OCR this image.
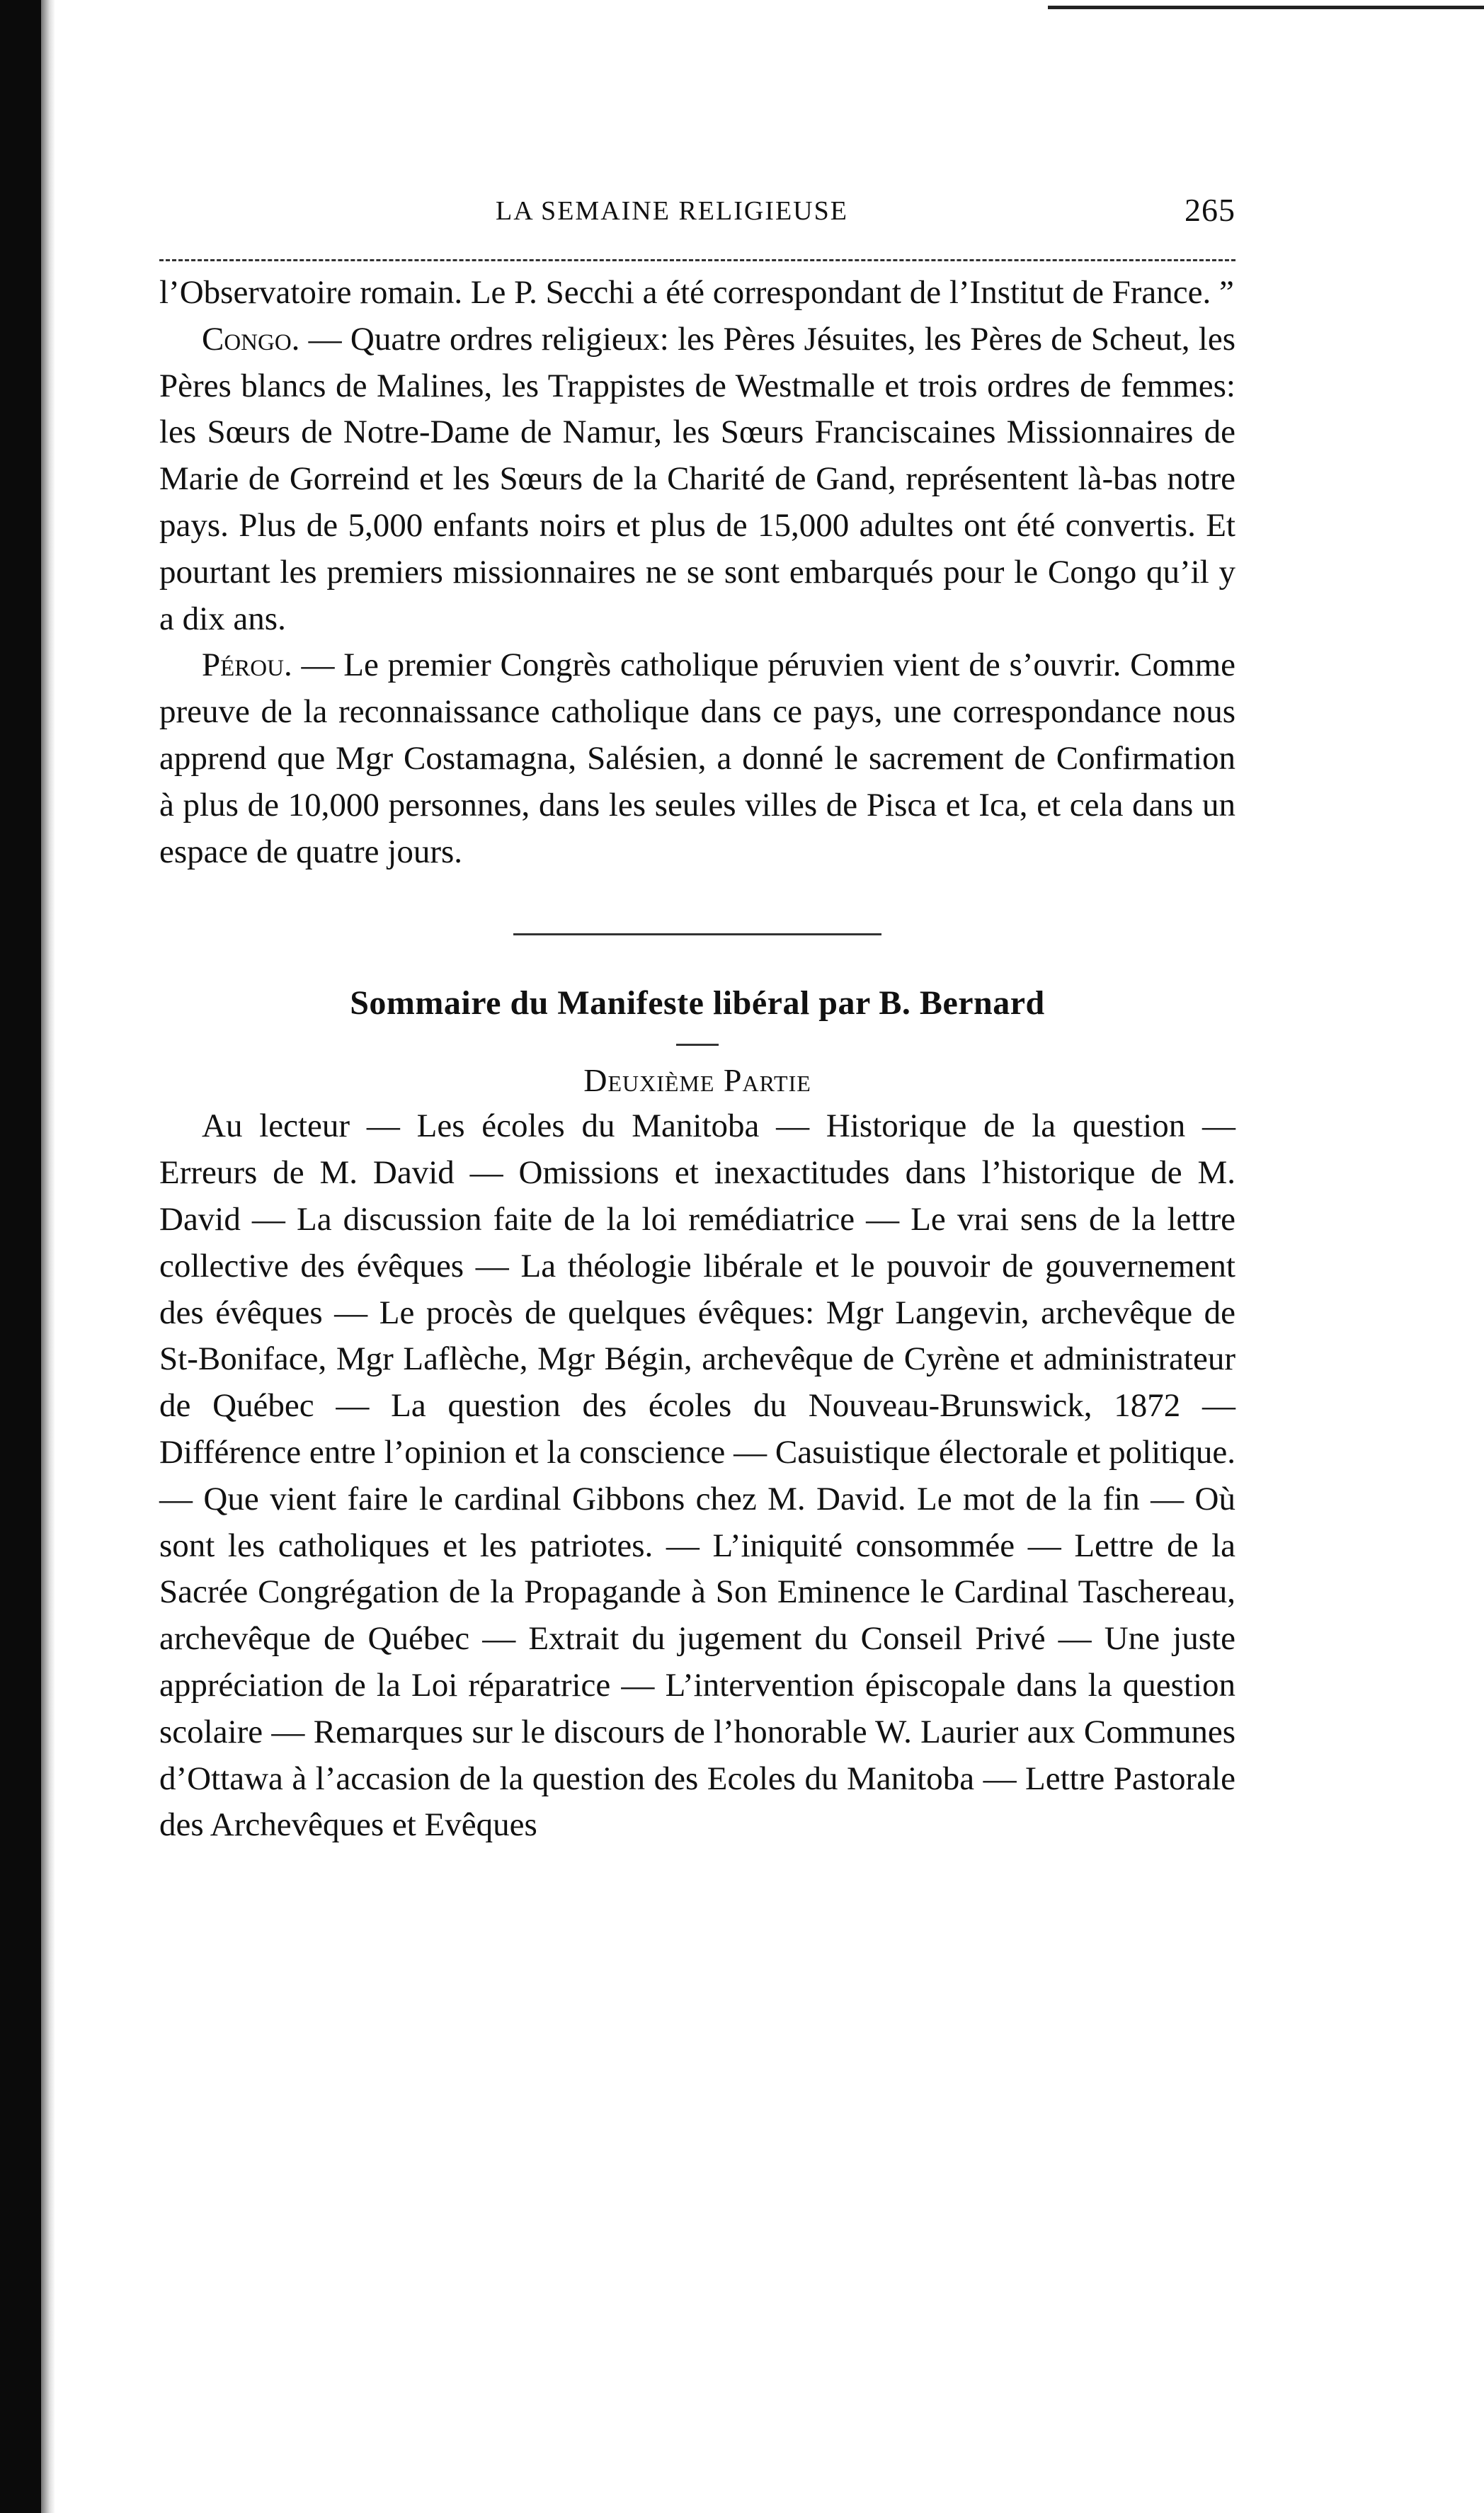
LA SEMAINE RELIGIEUSE	265

l’Observatoire romain. Le P. Secchi a été correspondant de l’Institut de France. ”

Congo. — Quatre ordres religieux: les Pères Jésuites, les Pères de Scheut, les Pères blancs de Malines, les Trappistes de Westmalle et trois ordres de femmes: les Sœurs de Notre-Dame de Namur, les Sœurs Franciscaines Missionnaires de Marie de Gorreind et les Sœurs de la Charité de Gand, représentent là-bas notre pays. Plus de 5,000 enfants noirs et plus de 15,000 adultes ont été convertis. Et pourtant les premiers missionnaires ne se sont embarqués pour le Congo qu’il y a dix ans.

Pérou. — Le premier Congrès catholique péruvien vient de s’ouvrir. Comme preuve de la reconnaissance catholique dans ce pays, une correspondance nous apprend que Mgr Costamagna, Salésien, a donné le sacrement de Confirmation à plus de 10,000 personnes, dans les seules villes de Pisca et Ica, et cela dans un espace de quatre jours.

Sommaire du Manifeste libéral par B. Bernard
Deuxième Partie

Au lecteur — Les écoles du Manitoba — Historique de la question — Erreurs de M. David — Omissions et inexactitudes dans l’historique de M. David — La discussion faite de la loi remédiatrice — Le vrai sens de la lettre collective des évêques — La théologie libérale et le pouvoir de gouvernement des évêques — Le procès de quelques évêques: Mgr Langevin, archevêque de St-Boniface, Mgr Laflèche, Mgr Bégin, archevêque de Cyrène et administrateur de Québec — La question des écoles du Nouveau-Brunswick, 1872 — Différence entre l’opinion et la conscience — Casuistique électorale et politique. — Que vient faire le cardinal Gibbons chez M. David. Le mot de la fin — Où sont les catholiques et les patriotes. — L’iniquité consommée — Lettre de la Sacrée Congrégation de la Propagande à Son Eminence le Cardinal Taschereau, archevêque de Québec — Extrait du jugement du Conseil Privé — Une juste appréciation de la Loi réparatrice — L’intervention épiscopale dans la question scolaire — Remarques sur le discours de l’honorable W. Laurier aux Communes d’Ottawa à l’accasion de la question des Ecoles du Manitoba — Lettre Pastorale des Archevêques et Evêques
